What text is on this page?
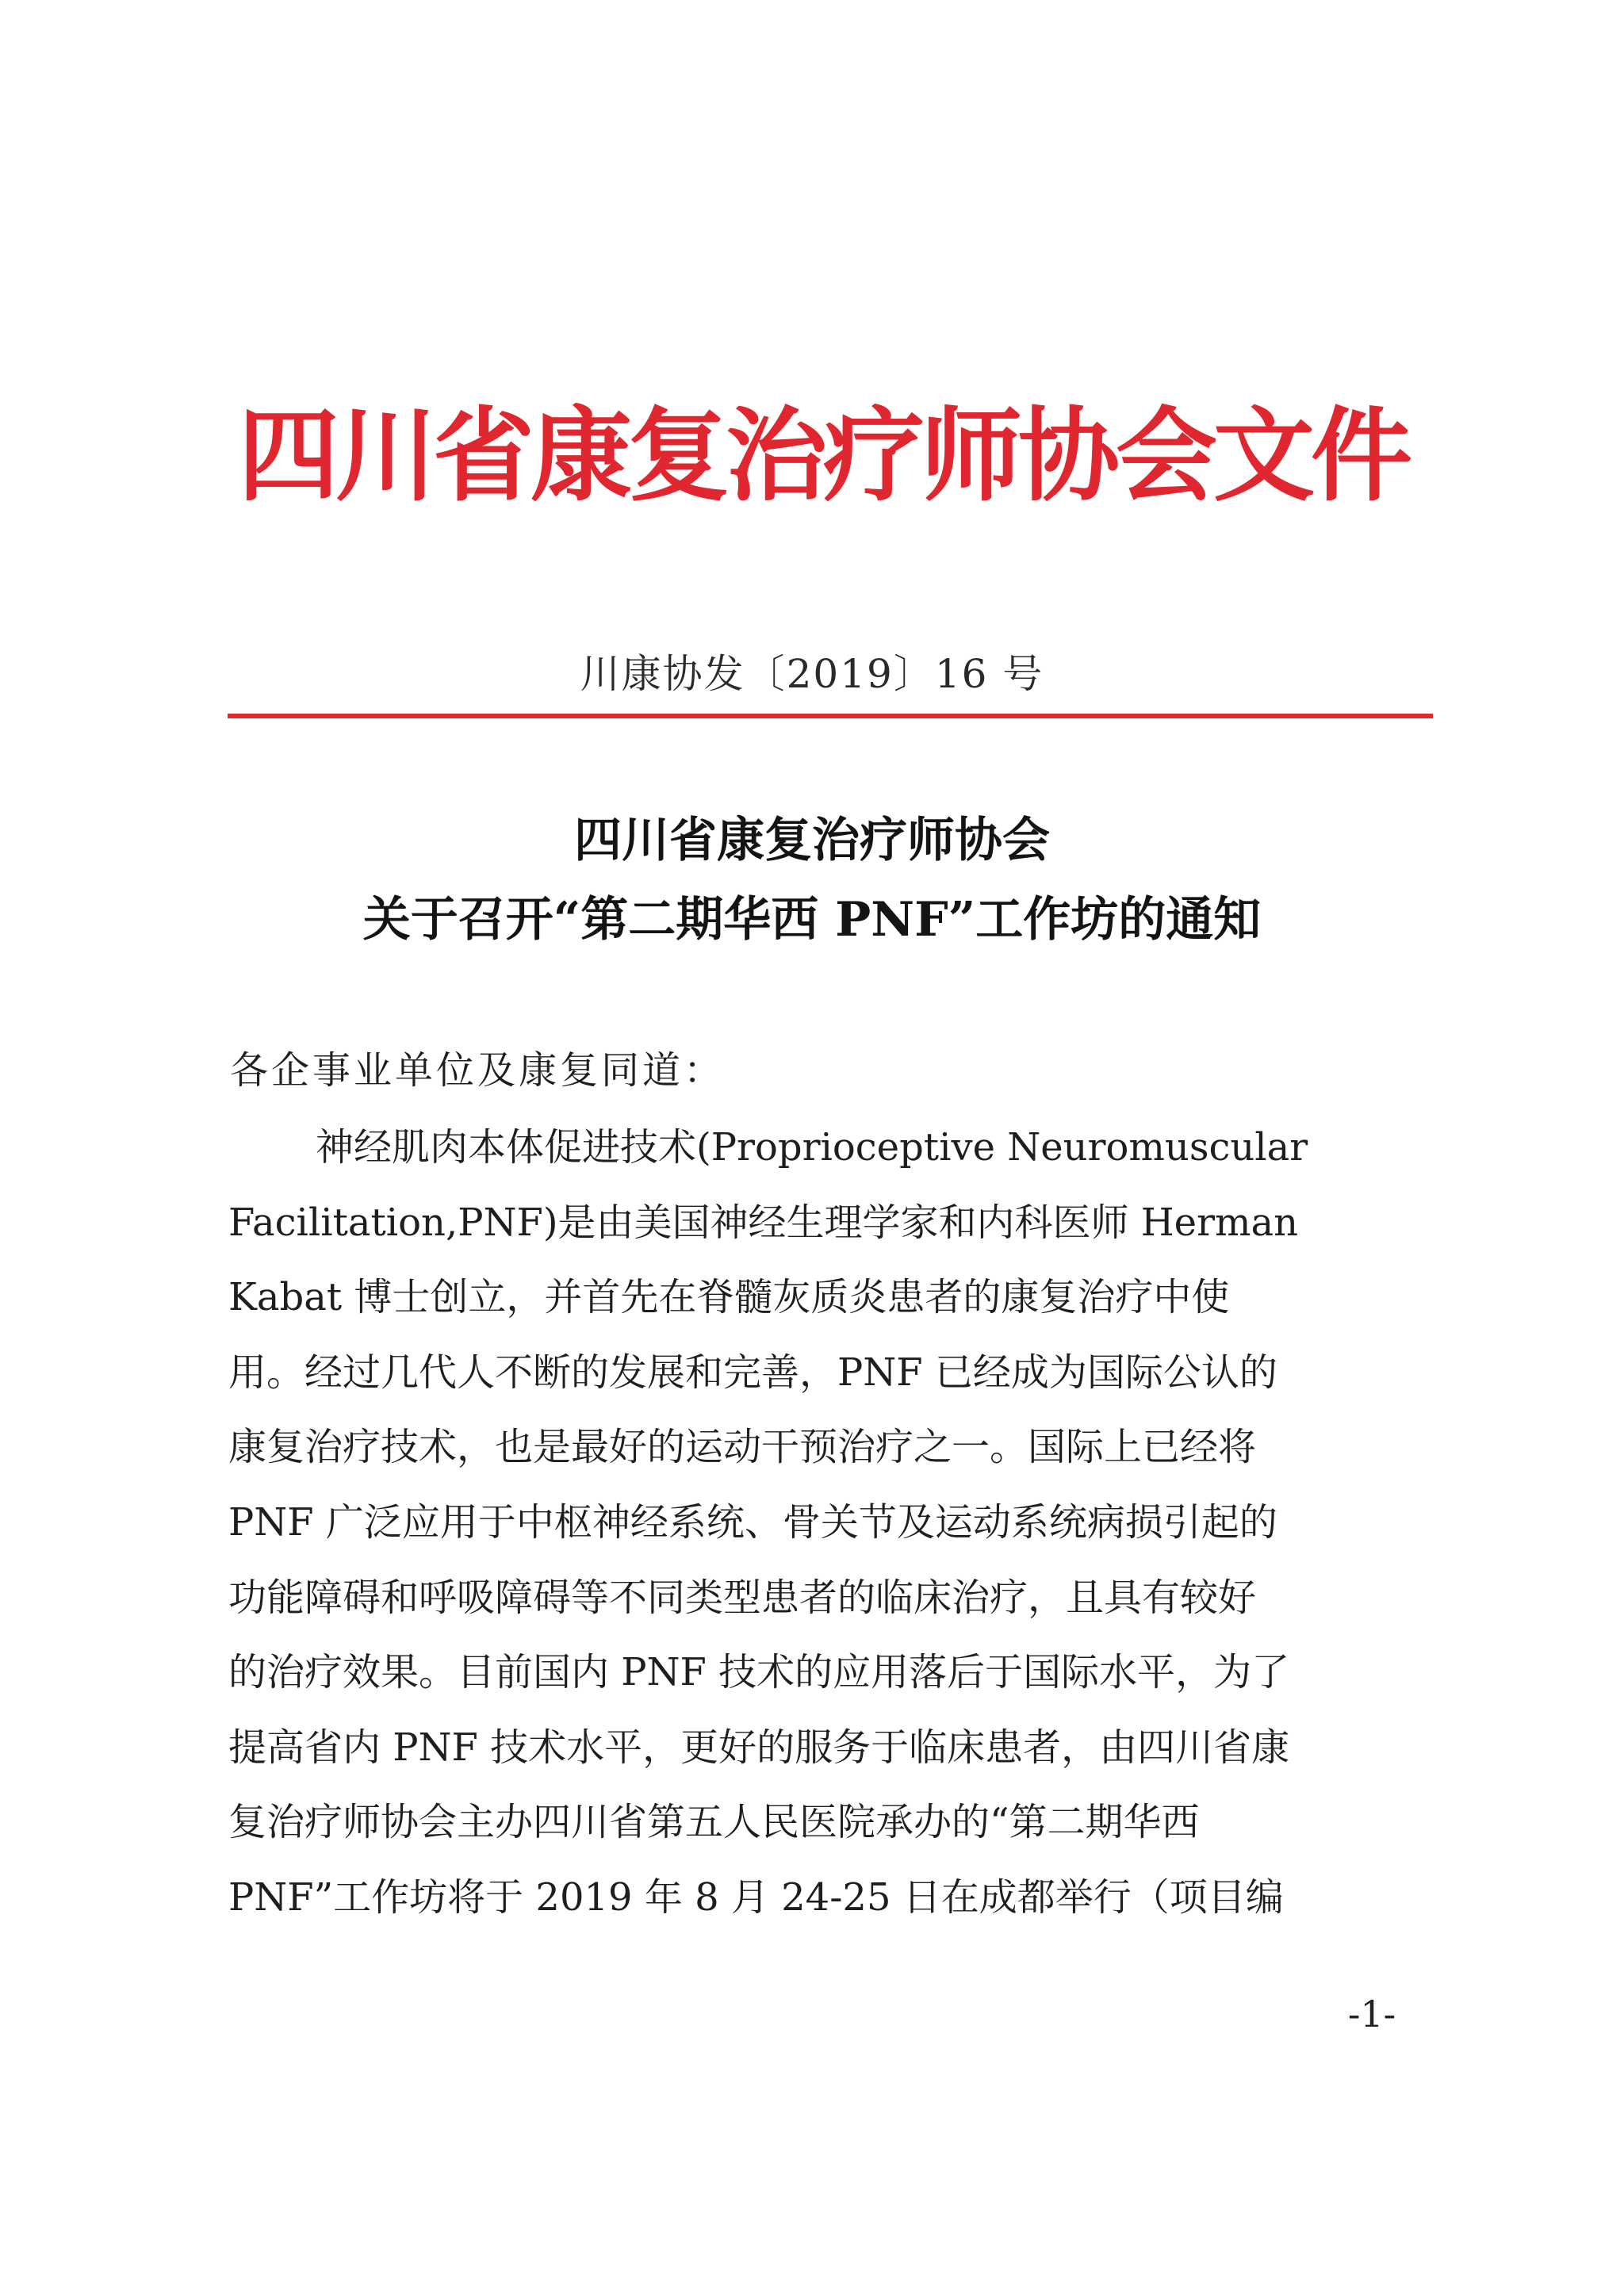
四川省康复治疗师协会文件
川康协发〔2019〕16 号
四川省康复治疗师协会
关于召开“第二期华西 PNF”工作坊的通知
各企事业单位及康复同道：
神经肌肉本体促进技术(Proprioceptive Neuromuscular
Facilitation,PNF)是由美国神经生理学家和内科医师 Herman
Kabat 博士创立，并首先在脊髓灰质炎患者的康复治疗中使
用。经过几代人不断的发展和完善，PNF 已经成为国际公认的
康复治疗技术，也是最好的运动干预治疗之一。国际上已经将
PNF 广泛应用于中枢神经系统、骨关节及运动系统病损引起的
功能障碍和呼吸障碍等不同类型患者的临床治疗，且具有较好
的治疗效果。目前国内 PNF 技术的应用落后于国际水平，为了
提高省内 PNF 技术水平，更好的服务于临床患者，由四川省康
复治疗师协会主办四川省第五人民医院承办的“第二期华西
PNF”工作坊将于 2019 年 8 月 24-25 日在成都举行（项目编
-1-
